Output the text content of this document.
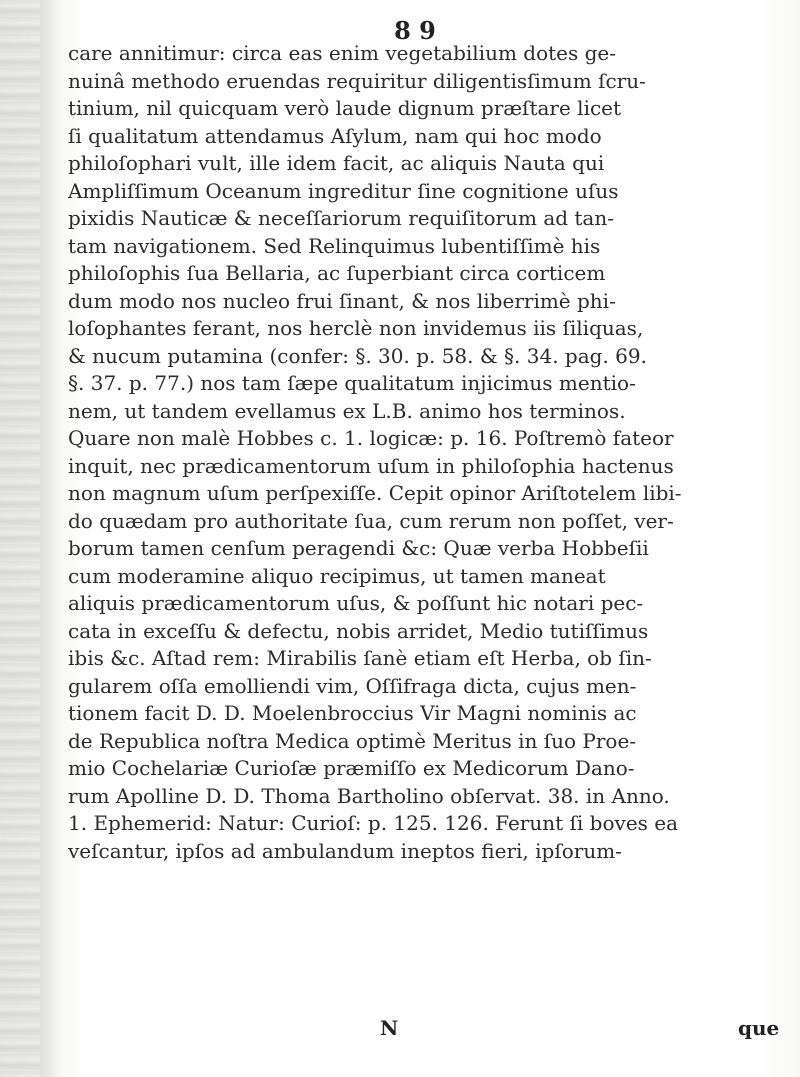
8 9
care annitimur: circa eas enim vegetabilium dotes ge-
nuinâ methodo eruendas requiritur diligentisſimum ſcru-
tinium, nil quicquam verò laude dignum præſtare licet
ſi qualitatum attendamus Aſylum, nam qui hoc modo
philoſophari vult, ille idem facit, ac aliquis Nauta qui
Ampliſſimum Oceanum ingreditur ſine cognitione uſus
pixidis Nauticæ & neceſſariorum requiſitorum ad tan-
tam navigationem. Sed Relinquimus lubentiſſimè his
philoſophis ſua Bellaria, ac ſuperbiant circa corticem
dum modo nos nucleo frui ſinant, & nos liberrimè phi-
loſophantes ferant, nos herclè non invidemus iis ſiliquas,
& nucum putamina (confer: §. 30. p. 58. & §. 34. pag. 69.
§. 37. p. 77.) nos tam ſæpe qualitatum injicimus mentio-
nem, ut tandem evellamus ex L.B. animo hos terminos.
Quare non malè Hobbes c. 1. logicæ: p. 16. Poſtremò fateor
inquit, nec prædicamentorum uſum in philoſophia hactenus
non magnum uſum perſpexiſſe. Cepit opinor Ariſtotelem libi-
do quædam pro authoritate ſua, cum rerum non poſſet, ver-
borum tamen cenſum peragendi &c: Quæ verba Hobbeſii
cum moderamine aliquo recipimus, ut tamen maneat
aliquis prædicamentorum uſus, & poſſunt hic notari pec-
cata in exceſſu & defectu, nobis arridet, Medio tutiſſimus
ibis &c. Aſtad rem: Mirabilis ſanè etiam eſt Herba, ob ſin-
gularem oſſa emolliendi vim, Oſſifraga dicta, cujus men-
tionem facit D. D. Moelenbroccius Vir Magni nominis ac
de Republica noſtra Medica optimè Meritus in ſuo Proe-
mio Cochelariæ Curioſæ præmiſſo ex Medicorum Dano-
rum Apolline D. D. Thoma Bartholino obſervat. 38. in Anno.
1. Ephemerid: Natur: Curioſ: p. 125. 126. Ferunt ſi boves ea
veſcantur, ipſos ad ambulandum ineptos fieri, ipſorum-
N	que
